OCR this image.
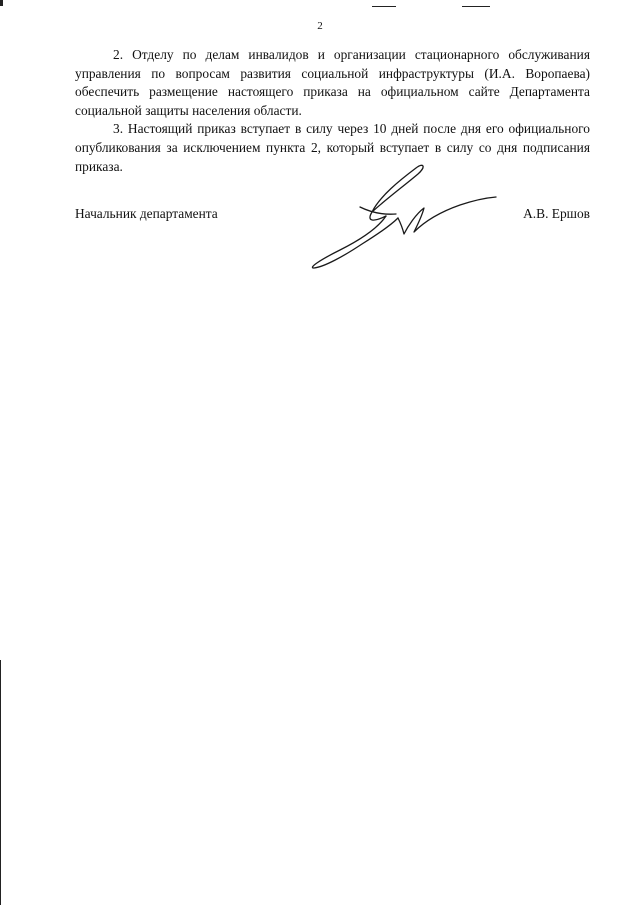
2

2. Отделу по делам инвалидов и организации стационарного обслуживания управления по вопросам развития социальной инфраструктуры (И.А. Воропаева) обеспечить размещение настоящего приказа на официальном сайте Департамента социальной защиты населения области.

3. Настоящий приказ вступает в силу через 10 дней после дня его официального опубликования за исключением пункта 2, который вступает в силу со дня подписания приказа.

Начальник департамента	А.В. Ершов
